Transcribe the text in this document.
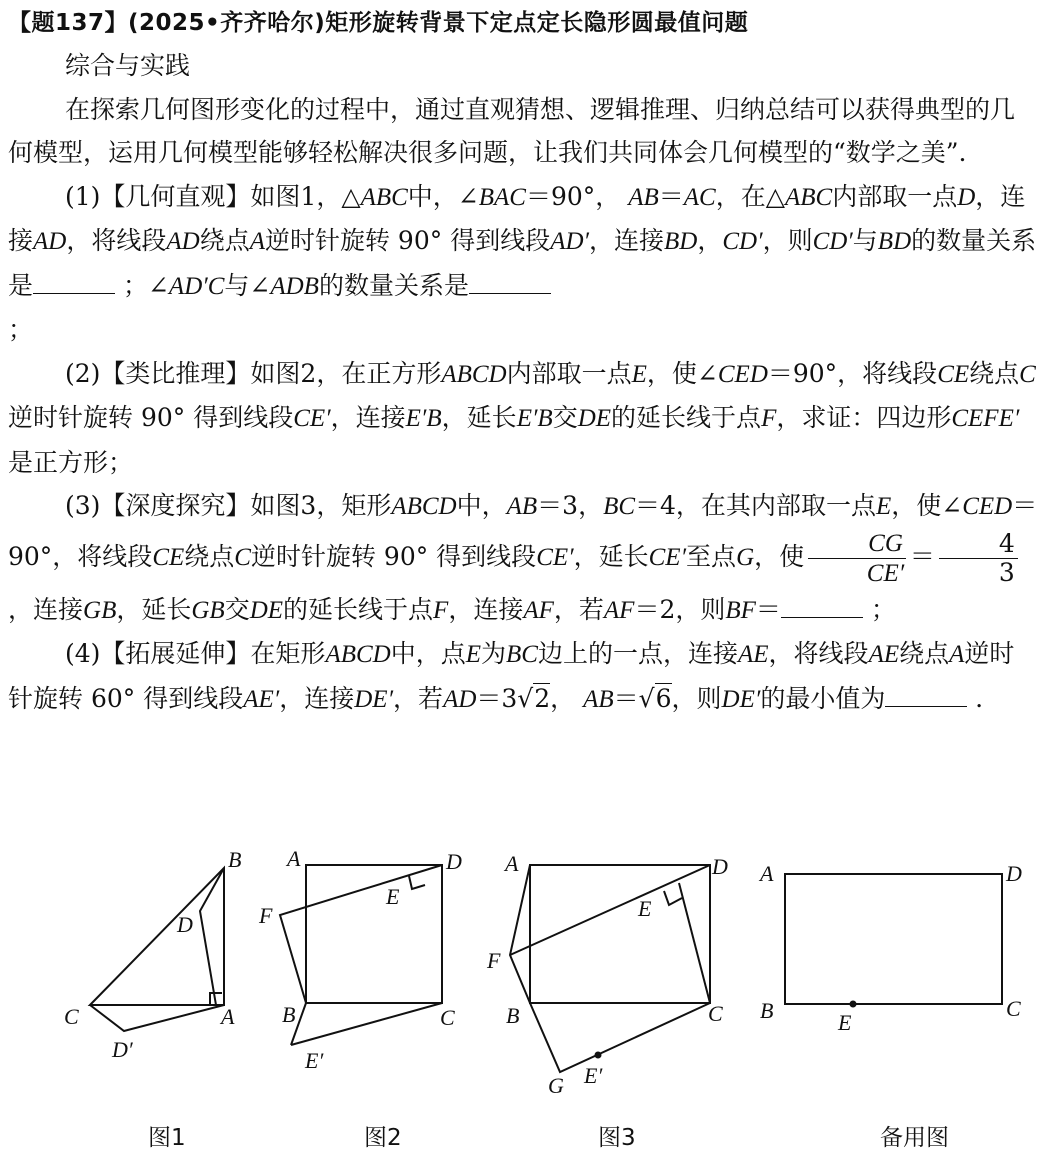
【题137】(2025•齐齐哈尔)矩形旋转背景下定点定长隐形圆最值问题

综合与实践

在探索几何图形变化的过程中，通过直观猜想、逻辑推理、归纳总结可以获得典型的几何模型，运用几何模型能够轻松解决很多问题，让我们共同体会几何模型的“数学之美”．

(1)【几何直观】如图1，△ABC中，∠BAC＝90°， AB＝AC，在△ABC内部取一点D，连接AD，将线段AD绕点A逆时针旋转 90° 得到线段AD′，连接BD，CD′，则CD′与BD的数量关系是	；∠AD′C与∠ADB的数量关系是
；

(2)【类比推理】如图2，在正方形ABCD内部取一点E，使∠CED＝90°，将线段CE绕点C逆时针旋转 90° 得到线段CE′，连接E′B，延长E′B交DE的延长线于点F，求证：四边形CEFE′是正方形；

(3)【深度探究】如图3，矩形ABCD中，AB＝3，BC＝4，在其内部取一点E，使∠CED＝90°，将线段CE绕点C逆时针旋转 90° 得到线段CE′，延长CE′至点G，使 $\frac{CG}{CE'} = \frac{4}{3}$
，连接GB，延长GB交DE的延长线于点F，连接AF，若AF＝2，则BF＝	；

(4)【拓展延伸】在矩形ABCD中，点E为BC边上的一点，连接AE，将线段AE绕点A逆时针旋转 60° 得到线段AE′，连接DE′，若AD＝3√2， AB＝√6，则DE′的最小值为	．

B
D
C	A
D′
图1
A	D
E
F
B	C
E′
图2
A	D
E
F
B	C
G E′
图3
A	D
B	C
E
备用图
